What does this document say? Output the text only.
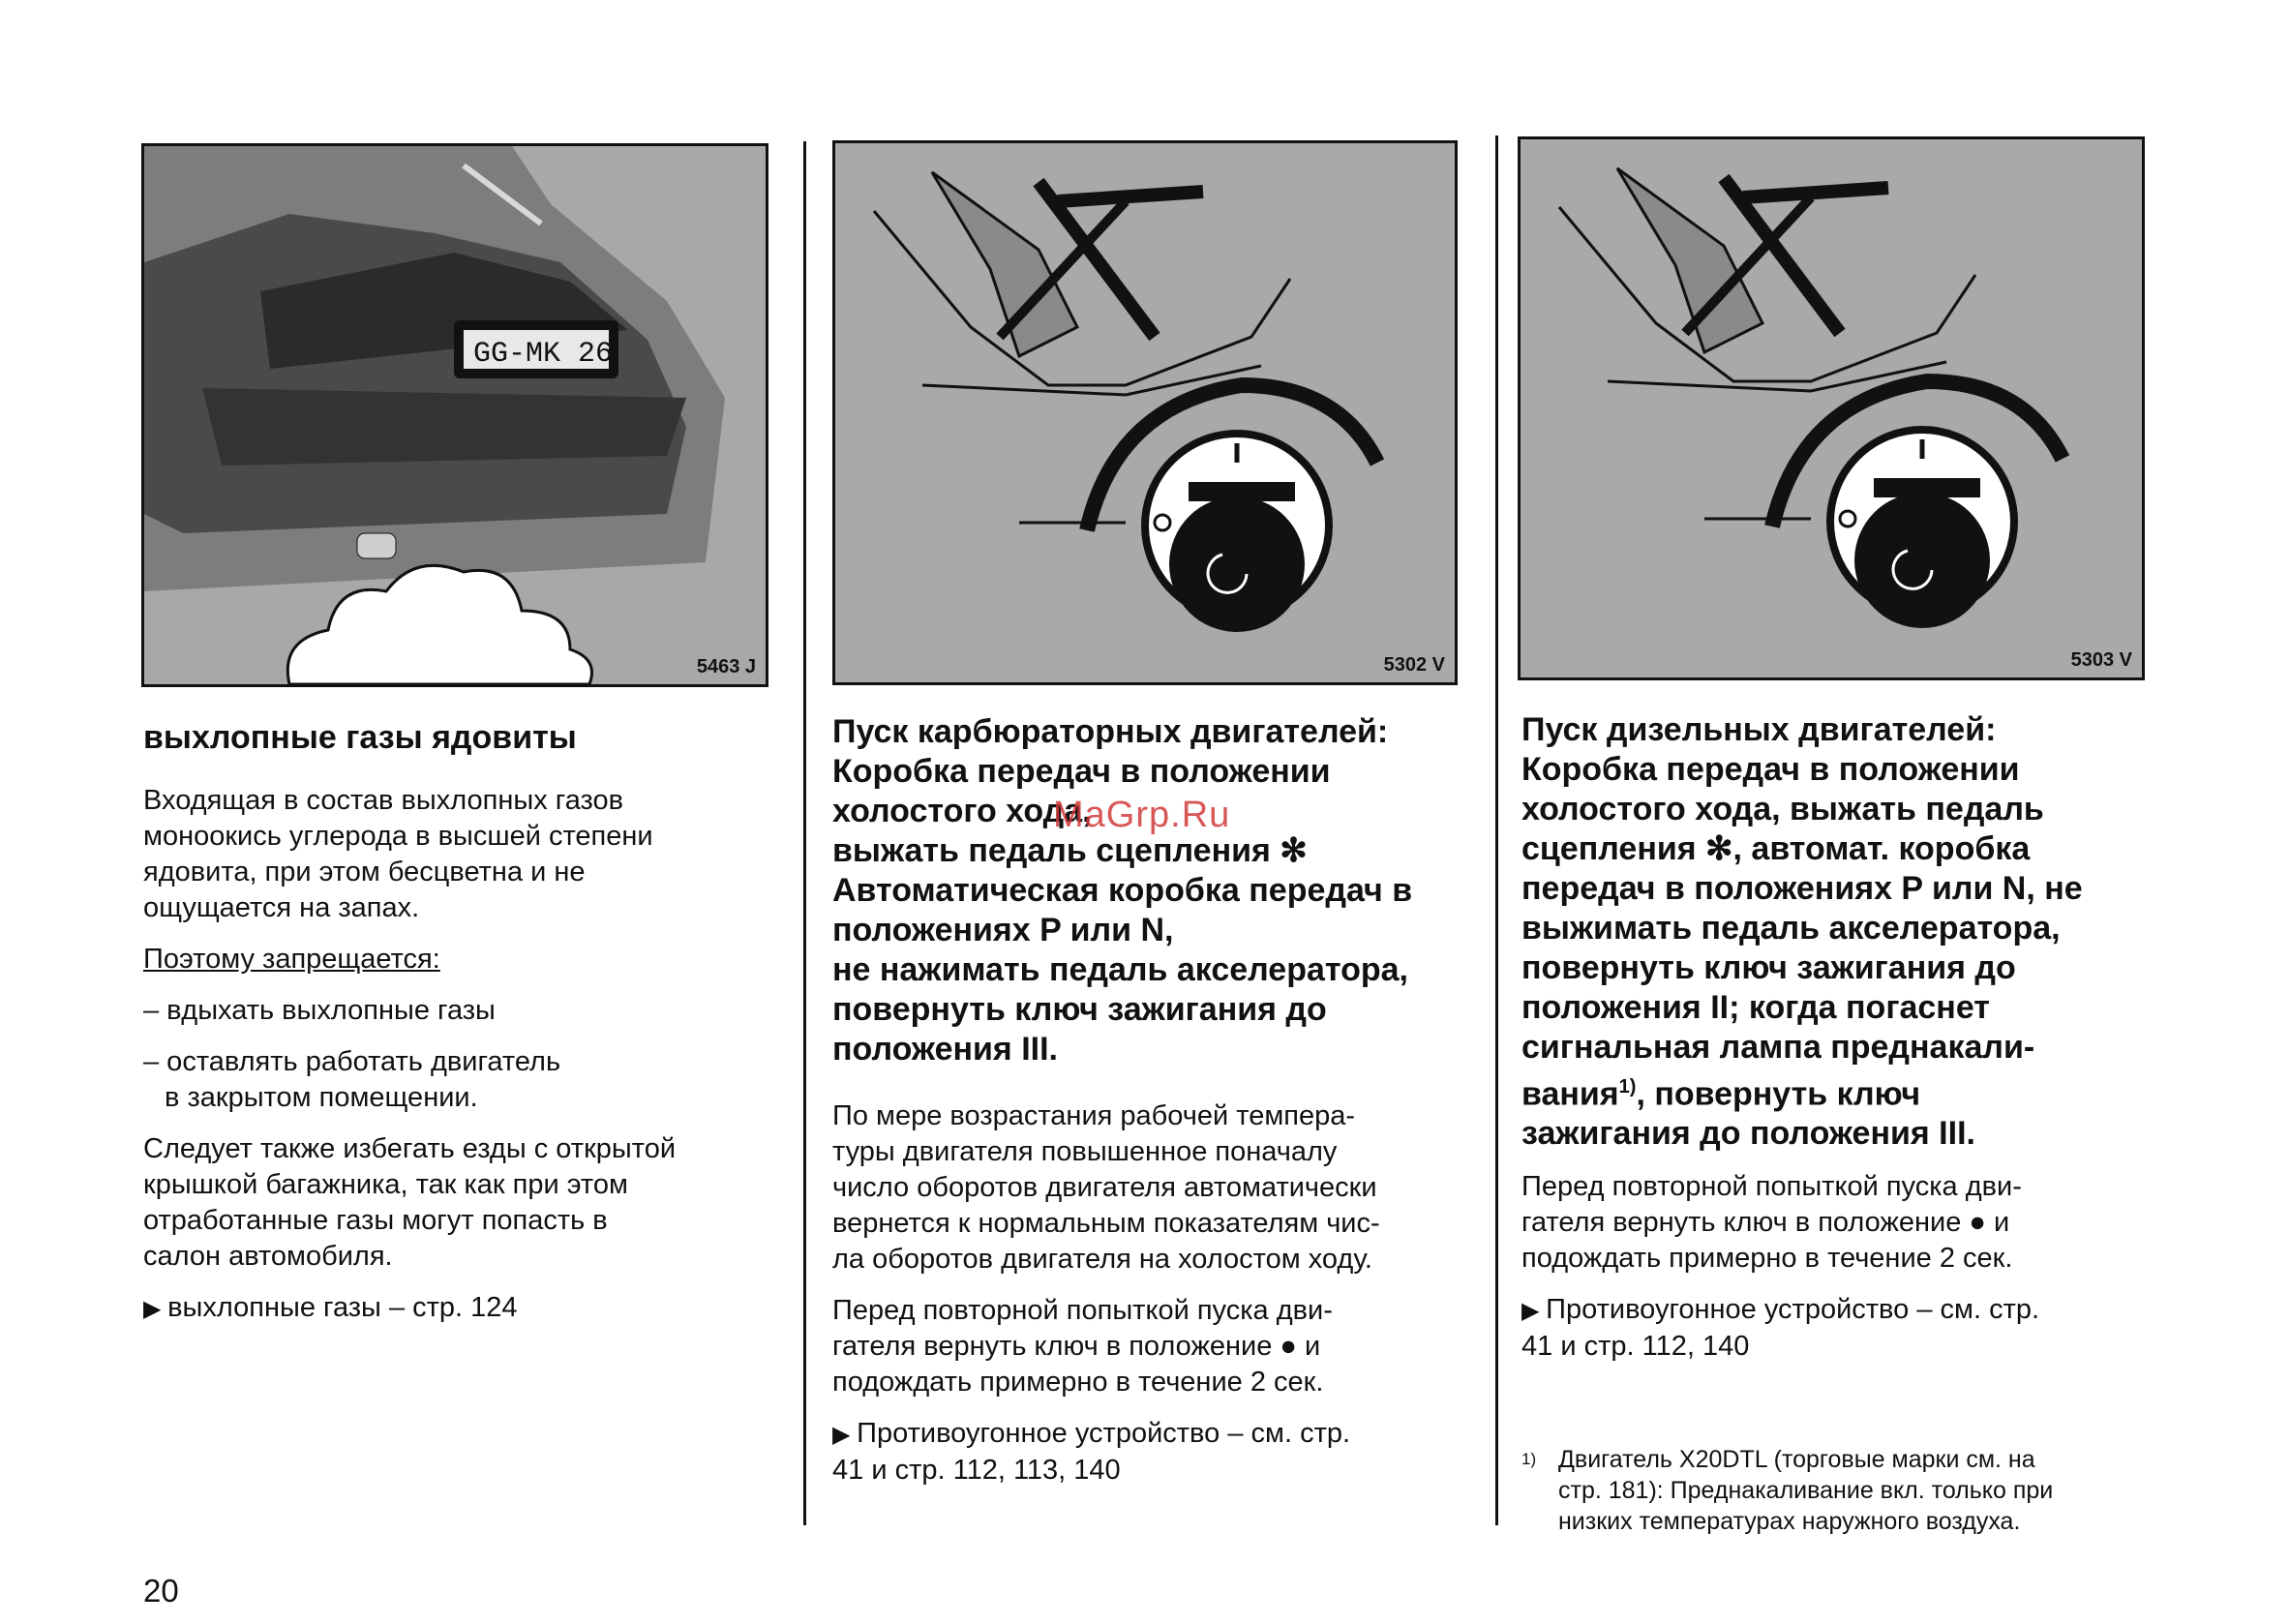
GG-MK 26
5463 J	5302 V	5303 V

выхлопные газы ядовиты

Входящая в состав выхлопных газов
моноокись углерода в высшей степени
ядовита, при этом бесцветна и не
ощущается на запах.

Поэтому запрещается:

– вдыхать выхлопные газы

– оставлять работать двигатель
в закрытом помещении.

Следует также избегать езды с открытой
крышкой багажника, так как при этом
отработанные газы могут попасть в
салон автомобиля.

▶ выхлопные газы – стр. 124

Пуск карбюраторных двигателей:
Коробка передач в положении
холостого хода,
выжать педаль сцепления ✻
Автоматическая коробка передач в
положениях P или N,
не нажимать педаль акселератора,
повернуть ключ зажигания до
положения III.

По мере возрастания рабочей темпера-
туры двигателя повышенное поначалу
число оборотов двигателя автоматически
вернется к нормальным показателям чис-
ла оборотов двигателя на холостом ходу.

Перед повторной попыткой пуска дви-
гателя вернуть ключ в положение ● и
подождать примерно в течение 2 сек.

▶ Противоугонное устройство – см. стр.
41 и стр. 112, 113, 140

Пуск дизельных двигателей:
Коробка передач в положении
холостого хода, выжать педаль
сцепления ✻, автомат. коробка
передач в положениях P или N, не
выжимать педаль акселератора,
повернуть ключ зажигания до
положения II; когда погаснет
сигнальная лампа преднакали-
вания$^{1)}$, повернуть ключ
зажигания до положения III.

Перед повторной попыткой пуска дви-
гателя вернуть ключ в положение ● и
подождать примерно в течение 2 сек.

▶ Противоугонное устройство – см. стр.
41 и стр. 112, 140

1) Двигатель X20DTL (торговые марки см. на
стр. 181): Преднакаливание вкл. только при
низких температурах наружного воздуха.

MaGrp.Ru
20
